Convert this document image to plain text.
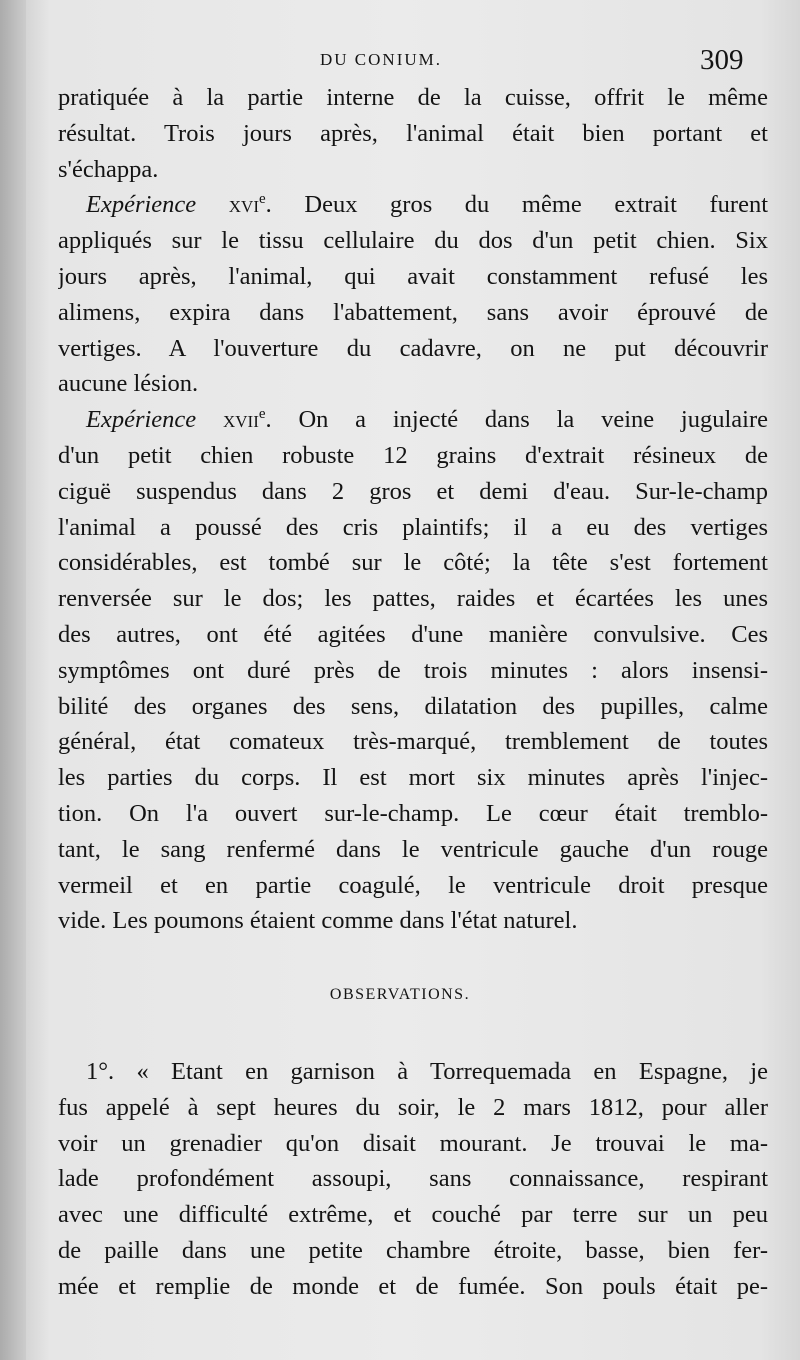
DU CONIUM.	309
pratiquée à la partie interne de la cuisse, offrit le même
résultat. Trois jours après, l'animal était bien portant et
s'échappa.
Expérience xvi$^e$. Deux gros du même extrait furent
appliqués sur le tissu cellulaire du dos d'un petit chien. Six
jours après, l'animal, qui avait constamment refusé les
alimens, expira dans l'abattement, sans avoir éprouvé de
vertiges. A l'ouverture du cadavre, on ne put découvrir
aucune lésion.
Expérience xvii$^e$. On a injecté dans la veine jugulaire
d'un petit chien robuste 12 grains d'extrait résineux de
ciguë suspendus dans 2 gros et demi d'eau. Sur-le-champ
l'animal a poussé des cris plaintifs; il a eu des vertiges
considérables, est tombé sur le côté; la tête s'est fortement
renversée sur le dos; les pattes, raides et écartées les unes
des autres, ont été agitées d'une manière convulsive. Ces
symptômes ont duré près de trois minutes : alors insensi-
bilité des organes des sens, dilatation des pupilles, calme
général, état comateux très-marqué, tremblement de toutes
les parties du corps. Il est mort six minutes après l'injec-
tion. On l'a ouvert sur-le-champ. Le cœur était tremblo-
tant, le sang renfermé dans le ventricule gauche d'un rouge
vermeil et en partie coagulé, le ventricule droit presque
vide. Les poumons étaient comme dans l'état naturel.
OBSERVATIONS.
1°. « Etant en garnison à Torrequemada en Espagne, je
fus appelé à sept heures du soir, le 2 mars 1812, pour aller
voir un grenadier qu'on disait mourant. Je trouvai le ma-
lade profondément assoupi, sans connaissance, respirant
avec une difficulté extrême, et couché par terre sur un peu
de paille dans une petite chambre étroite, basse, bien fer-
mée et remplie de monde et de fumée. Son pouls était pe-
